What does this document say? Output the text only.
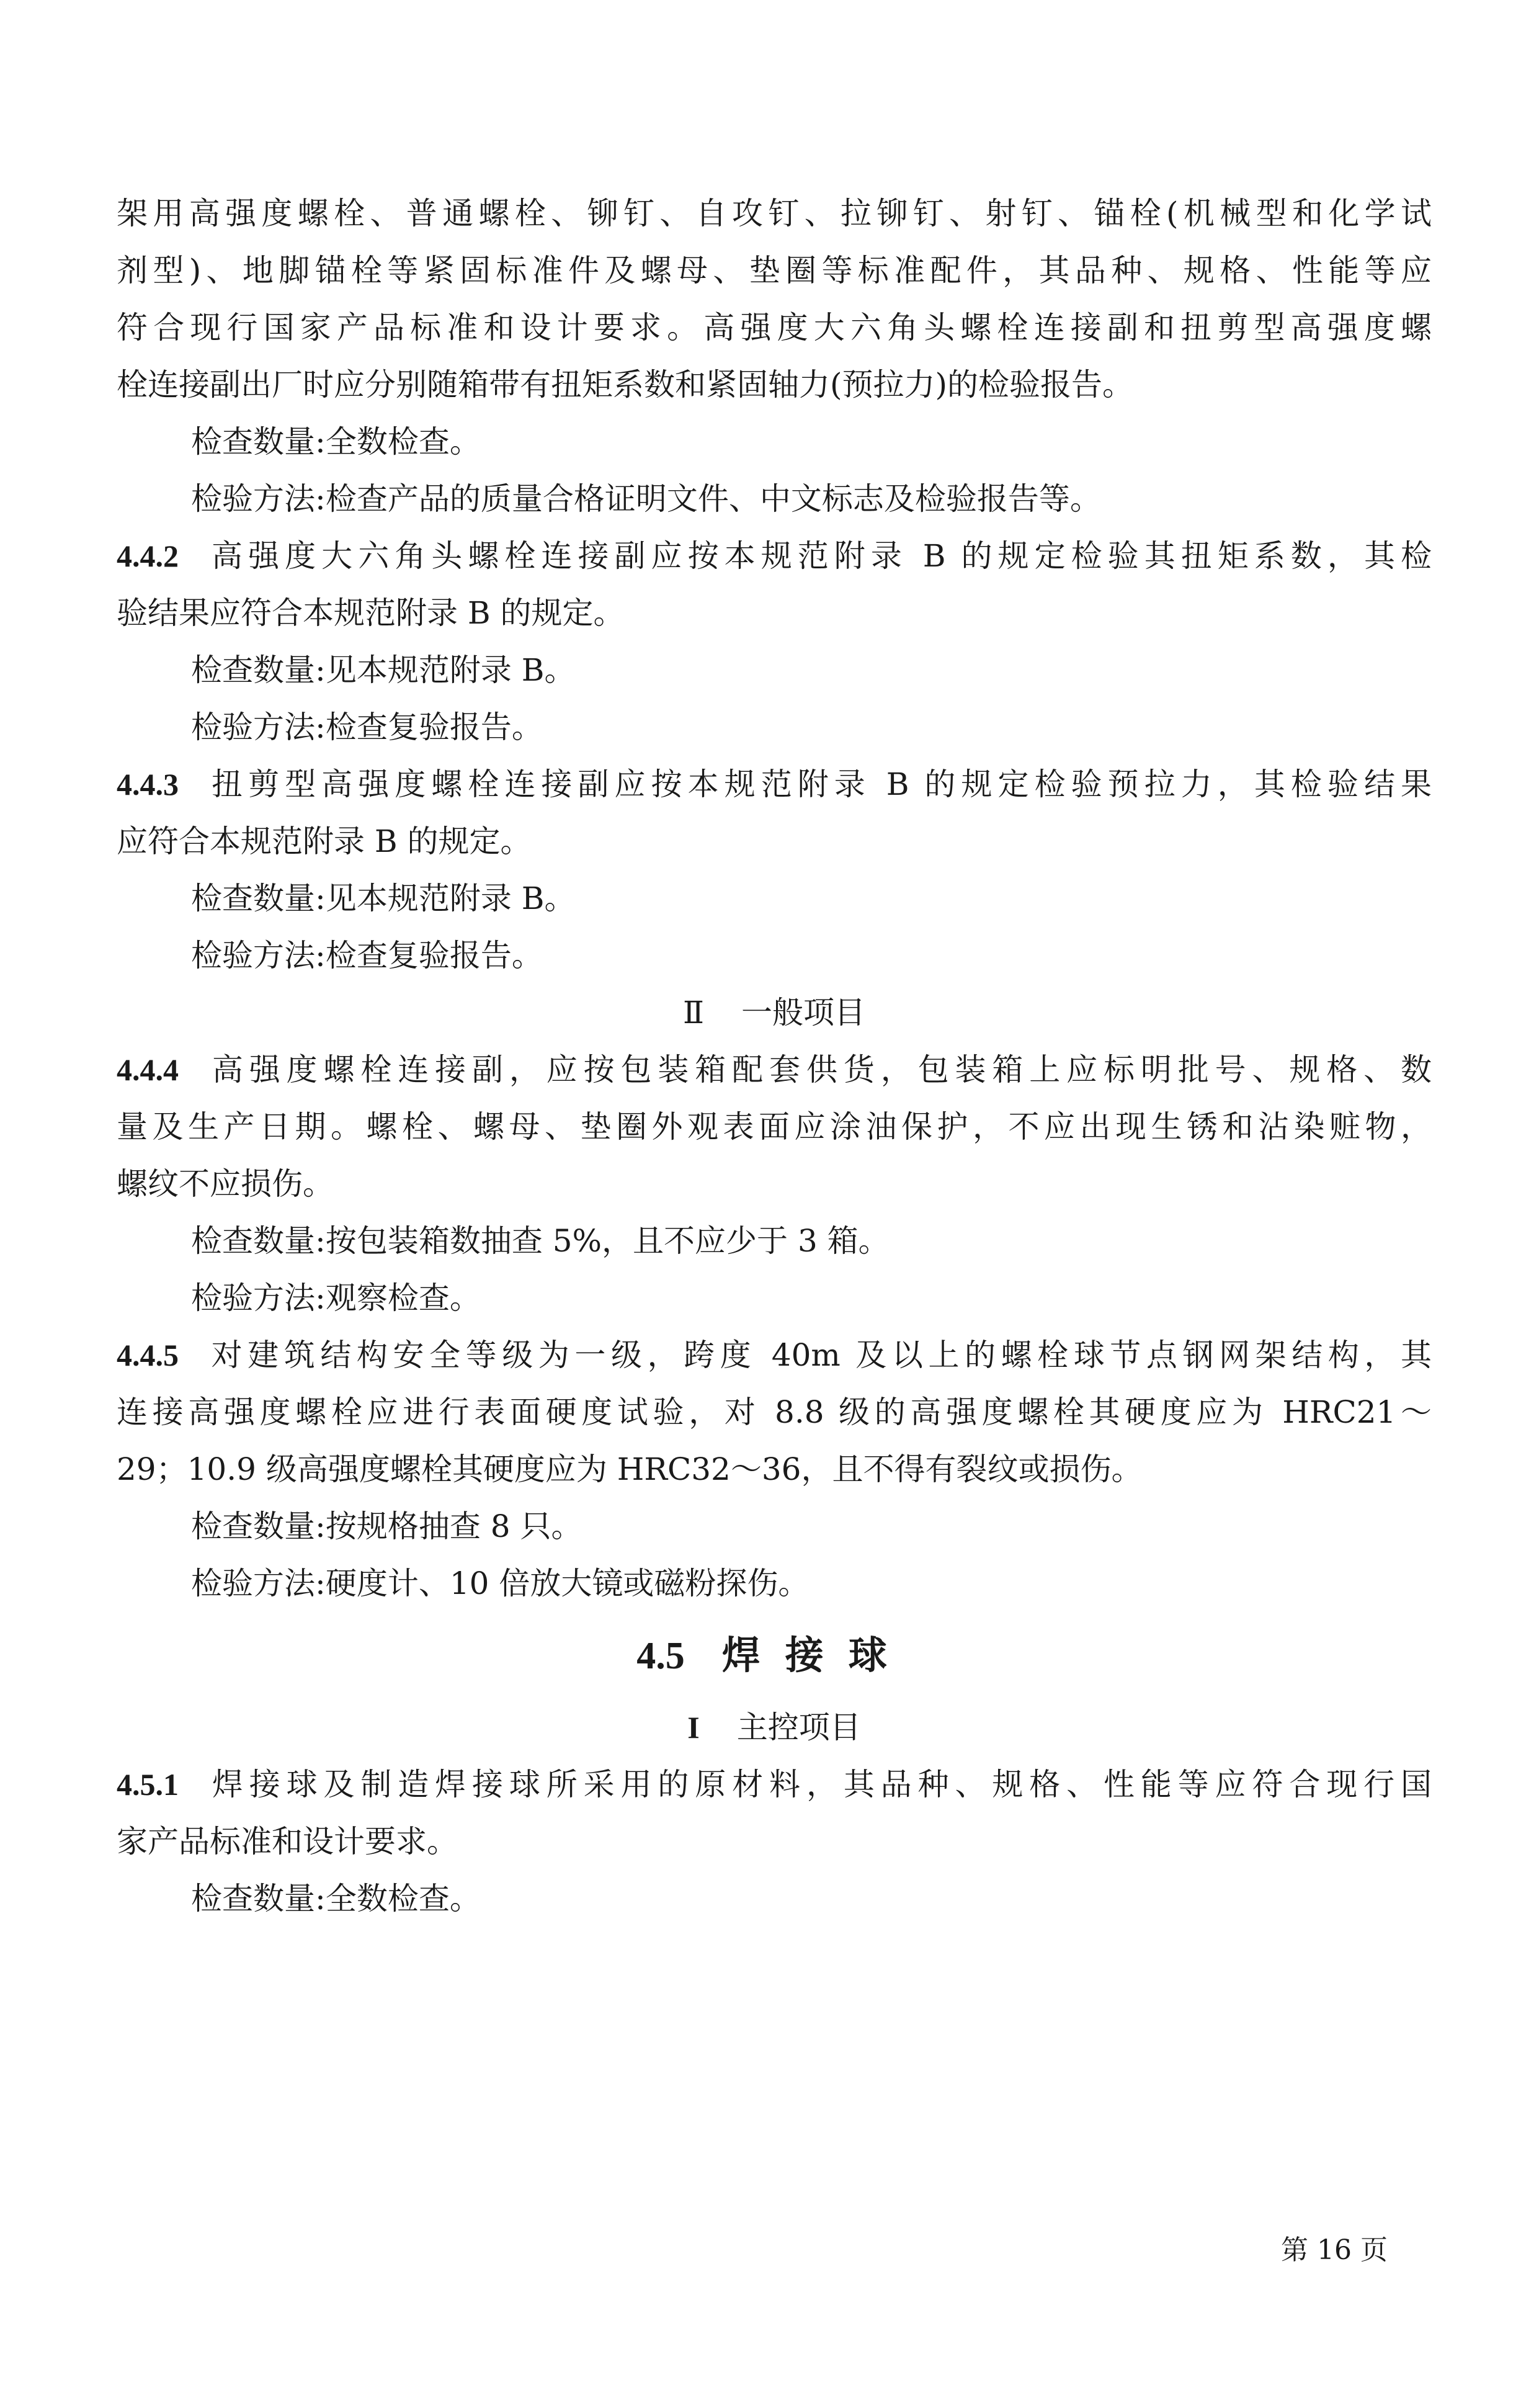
架用高强度螺栓、普通螺栓、铆钉、自攻钉、拉铆钉、射钉、锚栓(机械型和化学试
剂型)、地脚锚栓等紧固标准件及螺母、垫圈等标准配件，其品种、规格、性能等应
符合现行国家产品标准和设计要求。高强度大六角头螺栓连接副和扭剪型高强度螺
栓连接副出厂时应分别随箱带有扭矩系数和紧固轴力(预拉力)的检验报告。
检查数量:全数检查。
检验方法:检查产品的质量合格证明文件、中文标志及检验报告等。
4.4.2 高强度大六角头螺栓连接副应按本规范附录 B 的规定检验其扭矩系数，其检
验结果应符合本规范附录 B 的规定。
检查数量:见本规范附录 B。
检验方法:检查复验报告。
4.4.3 扭剪型高强度螺栓连接副应按本规范附录 B 的规定检验预拉力，其检验结果
应符合本规范附录 B 的规定。
检查数量:见本规范附录 B。
检验方法:检查复验报告。
Ⅱ 一般项目
4.4.4 高强度螺栓连接副，应按包装箱配套供货，包装箱上应标明批号、规格、数
量及生产日期。螺栓、螺母、垫圈外观表面应涂油保护，不应出现生锈和沾染赃物，
螺纹不应损伤。
检查数量:按包装箱数抽查 5%，且不应少于 3 箱。
检验方法:观察检查。
4.4.5 对建筑结构安全等级为一级，跨度 40m 及以上的螺栓球节点钢网架结构，其
连接高强度螺栓应进行表面硬度试验，对 8.8 级的高强度螺栓其硬度应为 HRC21～
29；10.9 级高强度螺栓其硬度应为 HRC32～36，且不得有裂纹或损伤。
检查数量:按规格抽查 8 只。
检验方法:硬度计、10 倍放大镜或磁粉探伤。
4.5 焊接球
I 主控项目
4.5.1 焊接球及制造焊接球所采用的原材料，其品种、规格、性能等应符合现行国
家产品标准和设计要求。
检查数量:全数检查。
第 16 页
